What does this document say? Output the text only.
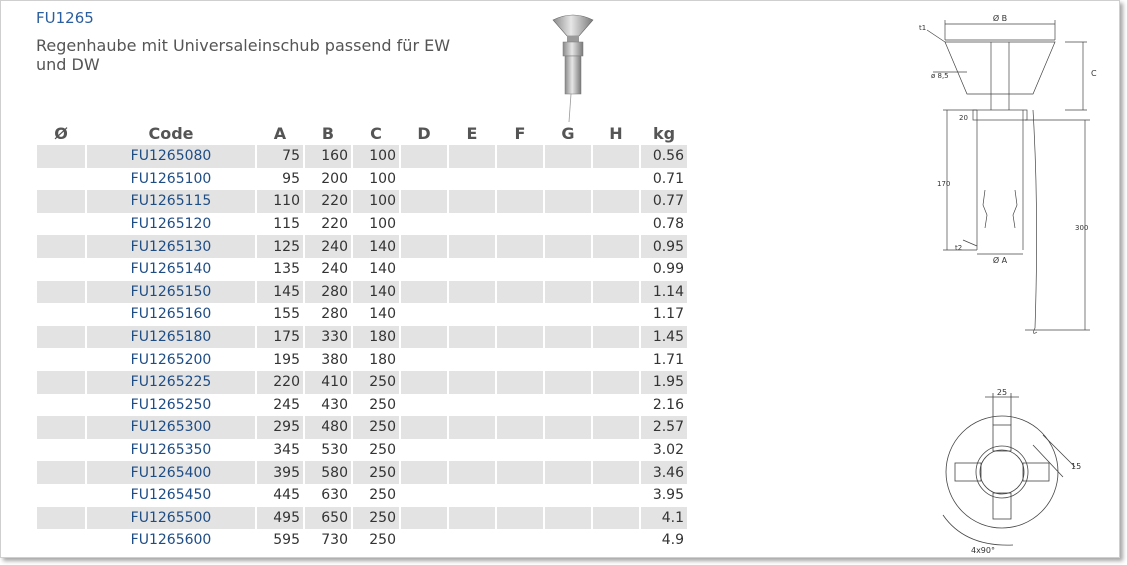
FU1265
Regenhaube mit Universaleinschub passend für EW und DW
Ø	Code	A	B	C	D	E	F	G	H	kg
	FU1265080	75	160	100						0.56
	FU1265100	95	200	100						0.71
	FU1265115	110	220	100						0.77
	FU1265120	115	220	100						0.78
	FU1265130	125	240	140						0.95
	FU1265140	135	240	140						0.99
	FU1265150	145	280	140						1.14
	FU1265160	155	280	140						1.17
	FU1265180	175	330	180						1.45
	FU1265200	195	380	180						1.71
	FU1265225	220	410	250						1.95
	FU1265250	245	430	250						2.16
	FU1265300	295	480	250						2.57
	FU1265350	345	530	250						3.02
	FU1265400	395	580	250						3.46
	FU1265450	445	630	250						3.95
	FU1265500	495	650	250						4.1
	FU1265600	595	730	250						4.9
Ø B
C
Ø A
t1
t2
ø 8,5
20
170
300
25
15
4x90°
